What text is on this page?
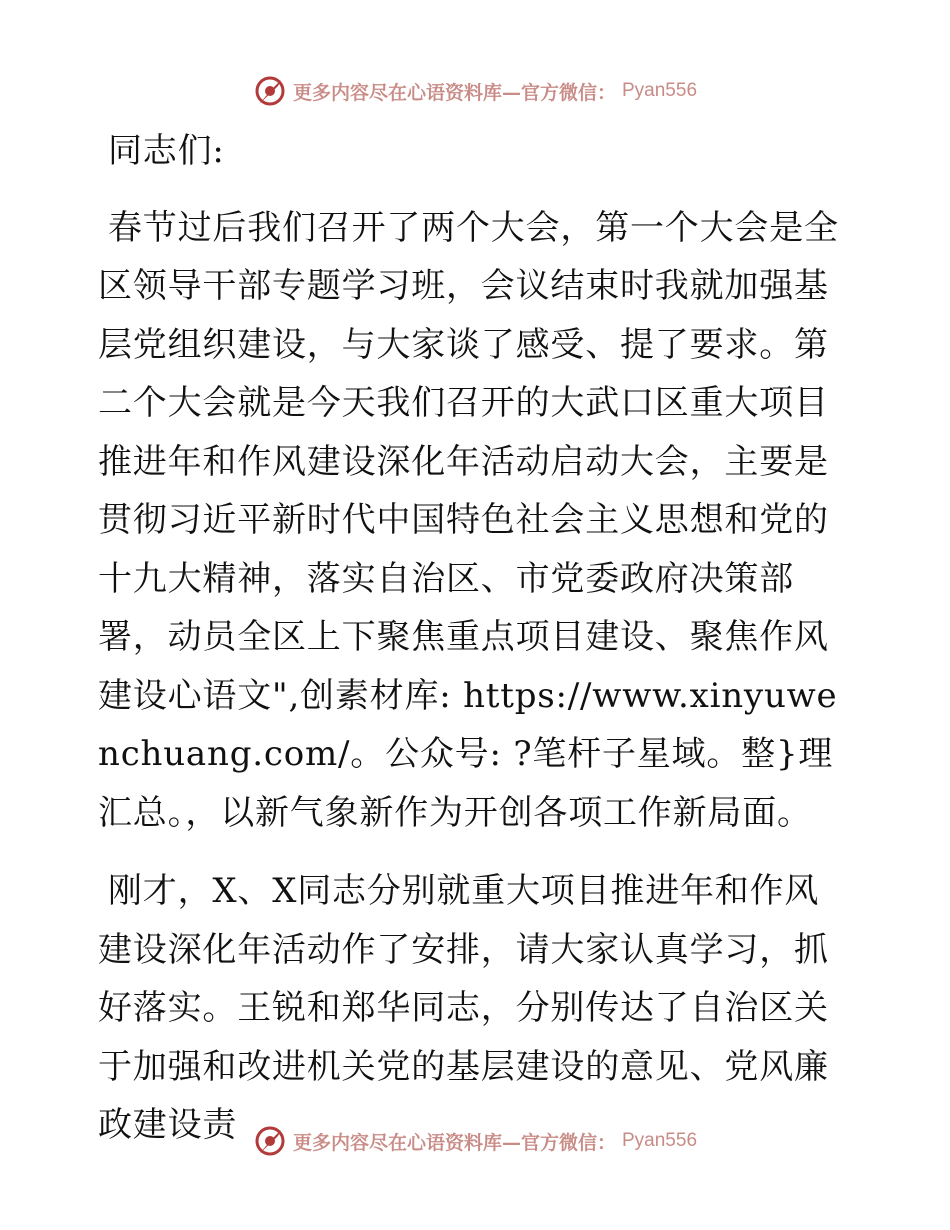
更多内容尽在心语资料库—官方微信： Pyan556

同志们:

春节过后我们召开了两个大会，第一个大会是全区领导干部专题学习班，会议结束时我就加强基层党组织建设，与大家谈了感受、提了要求。第二个大会就是今天我们召开的大武口区重大项目推进年和作风建设深化年活动启动大会，主要是贯彻习近平新时代中国特色社会主义思想和党的十九大精神，落实自治区、市党委政府决策部署，动员全区上下聚焦重点项目建设、聚焦作风建设心语文",创素材库: https://www.xinyuwenchuang.com/。公众号: ?笔杆子星域。整}理汇总。，以新气象新作为开创各项工作新局面。

刚才，X、X同志分别就重大项目推进年和作风建设深化年活动作了安排，请大家认真学习，抓好落实。王锐和郑华同志，分别传达了自治区关于加强和改进机关党的基层建设的意见、党风廉政建设责	更多内容尽在心语资料库—官方微信： Pyan556
